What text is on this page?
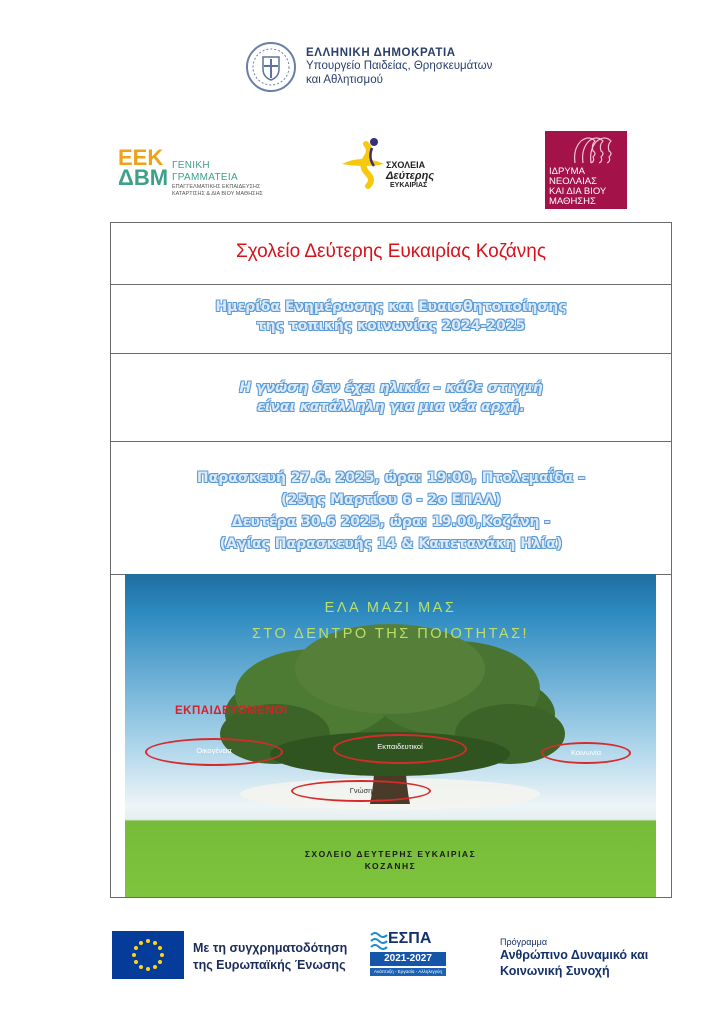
ΕΛΛΗΝΙΚΗ ΔΗΜΟΚΡΑΤΙΑ
Υπουργείο Παιδείας, Θρησκευμάτων
και Αθλητισμού
ΕΕΚ
ΔΒΜ ΓΕΝΙΚΗ
ΓΡΑΜΜΑΤΕΙΑ
ΕΠΑΓΓΕΛΜΑΤΙΚΗΣ ΕΚΠΑΙΔΕΥΣΗΣ ΚΑΤΑΡΤΙΣΗΣ & ΔΙΑ ΒΙΟΥ ΜΑΘΗΣΗΣ
ΣΧΟΛΕΙΑ
Δεύτερης
ΕΥΚΑΙΡΙΑΣ
ΙΔΡΥΜΑ
ΝΕΟΛΑΙΑΣ
ΚΑΙ ΔΙΑ ΒΙΟΥ
ΜΑΘΗΣΗΣ
Σχολείο Δεύτερης Ευκαιρίας Κοζάνης
Ημερίδα Ενημέρωσης και Ευαισθητοποίησης
της τοπικής κοινωνίας 2024-2025
Η γνώση δεν έχει ηλικία – κάθε στιγμή
είναι κατάλληλη για μια νέα αρχή.
Παρασκευή 27.6. 2025, ώρα: 19:00, Πτολεμαΐδα –
(25ης Μαρτίου 6 - 2ο ΕΠΑΛ)
Δευτέρα 30.6 2025, ώρα: 19.00,Κοζάνη -
(Αγίας Παρασκευής 14 & Καπετανάκη Ηλία)
ΕΛΑ ΜΑΖΙ ΜΑΣ
ΣΤΟ ΔΕΝΤΡΟ ΤΗΣ ΠΟΙΟΤΗΤΑΣ!
ΕΚΠΑΙΔΕΥΟΜΕΝΟΙ
Οικογένεια	Εκπαιδευτικοί
Κοινωνία
Γνώση
ΣΧΟΛΕΙΟ ΔΕΥΤΕΡΗΣ ΕΥΚΑΙΡΙΑΣ
ΚΟΖΑΝΗΣ
Με τη συγχρηματοδότηση
της Ευρωπαϊκής Ένωσης
ΕΣΠΑ
2021-2027
Ανάπτυξη - Εργασία - Αλληλεγγύη
Πρόγραμμα
Ανθρώπινο Δυναμικό και
Κοινωνική Συνοχή
